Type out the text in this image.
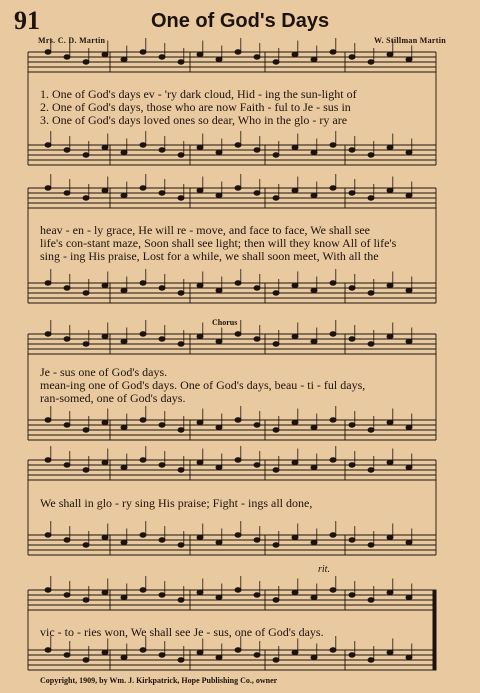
91	One of God's Days
Mrs. C. D. Martin	W. Stillman Martin
1. One of God's days ev - 'ry dark cloud, Hid - ing the sun-light of
2. One of God's days, those who are now Faith - ful to Je - sus in
3. One of God's days loved ones so dear, Who in the glo - ry are
heav - en - ly grace, He will re - move, and face to face, We shall see
life's con-stant maze, Soon shall see light; then will they know All of life's
sing - ing His praise, Lost for a while, we shall soon meet, With all the
Chorus
Je - sus one of God's days.
mean-ing one of God's days. One of God's days, beau - ti - ful days,
ran-somed, one of God's days.
We shall in glo - ry sing His praise; Fight - ings all done,
rit.
vic - to - ries won, We shall see Je - sus, one of God's days.
Copyright, 1909, by Wm. J. Kirkpatrick, Hope Publishing Co., owner
